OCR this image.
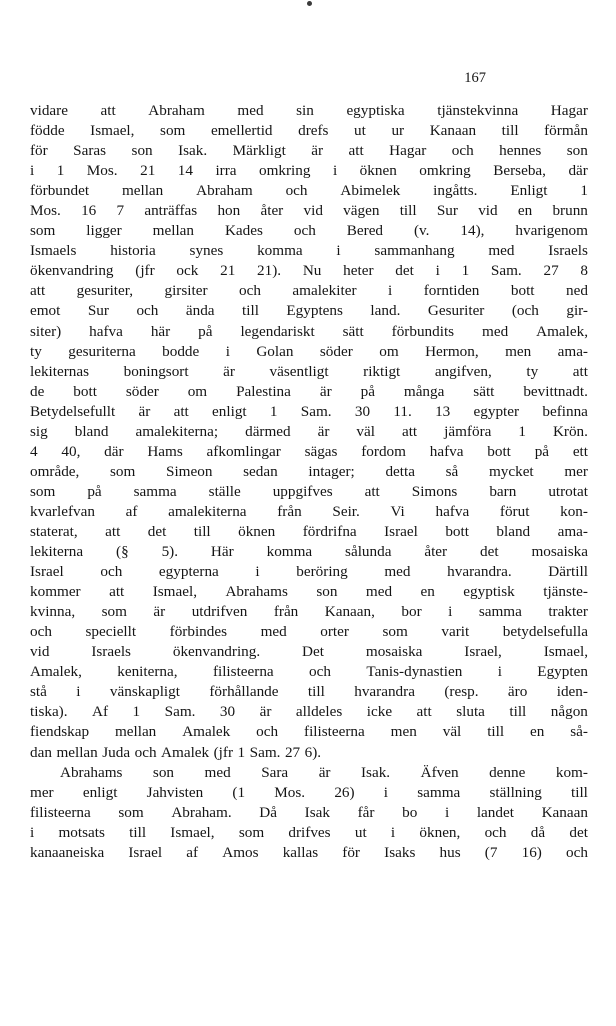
167
vidare att Abraham med sin egyptiska tjänstekvinna Hagar
födde Ismael, som emellertid drefs ut ur Kanaan till förmån
för Saras son Isak. Märkligt är att Hagar och hennes son
i 1 Mos. 21 14 irra omkring i öknen omkring Berseba, där
förbundet mellan Abraham och Abimelek ingåtts. Enligt 1
Mos. 16 7 anträffas hon åter vid vägen till Sur vid en brunn
som ligger mellan Kades och Bered (v. 14), hvarigenom
Ismaels historia synes komma i sammanhang med Israels
ökenvandring (jfr ock 21 21). Nu heter det i 1 Sam. 27 8
att gesuriter, girsiter och amalekiter i forntiden bott ned
emot Sur och ända till Egyptens land. Gesuriter (och gir-
siter) hafva här på legendariskt sätt förbundits med Amalek,
ty gesuriterna bodde i Golan söder om Hermon, men ama-
lekiternas boningsort är väsentligt riktigt angifven, ty att
de bott söder om Palestina är på många sätt bevittnadt.
Betydelsefullt är att enligt 1 Sam. 30 11. 13 egypter befinna
sig bland amalekiterna; därmed är väl att jämföra 1 Krön.
4 40, där Hams afkomlingar sägas fordom hafva bott på ett
område, som Simeon sedan intager; detta så mycket mer
som på samma ställe uppgifves att Simons barn utrotat
kvarlefvan af amalekiterna från Seir. Vi hafva förut kon-
staterat, att det till öknen fördrifna Israel bott bland ama-
lekiterna (§ 5). Här komma sålunda åter det mosaiska
Israel och egypterna i beröring med hvarandra. Därtill
kommer att Ismael, Abrahams son med en egyptisk tjänste-
kvinna, som är utdrifven från Kanaan, bor i samma trakter
och speciellt förbindes med orter som varit betydelsefulla
vid	Israels	ökenvandring.	Det	mosaiska	Israel,	Ismael,
Amalek, keniterna, filisteerna och Tanis-dynastien i Egypten
stå i vänskapligt förhållande till hvarandra (resp. äro iden-
tiska). Af 1 Sam. 30 är alldeles icke att sluta till någon
fiendskap mellan Amalek och filisteerna men väl till en så-
dan mellan Juda och Amalek (jfr 1 Sam. 27 6).
Abrahams son med Sara är Isak. Äfven denne kom-
mer enligt Jahvisten (1 Mos. 26) i samma ställning till
filisteerna som Abraham. Då Isak får bo i landet Kanaan
i motsats till Ismael, som drifves ut i öknen, och då det
kanaaneiska Israel af Amos kallas för Isaks hus (7 16) och
